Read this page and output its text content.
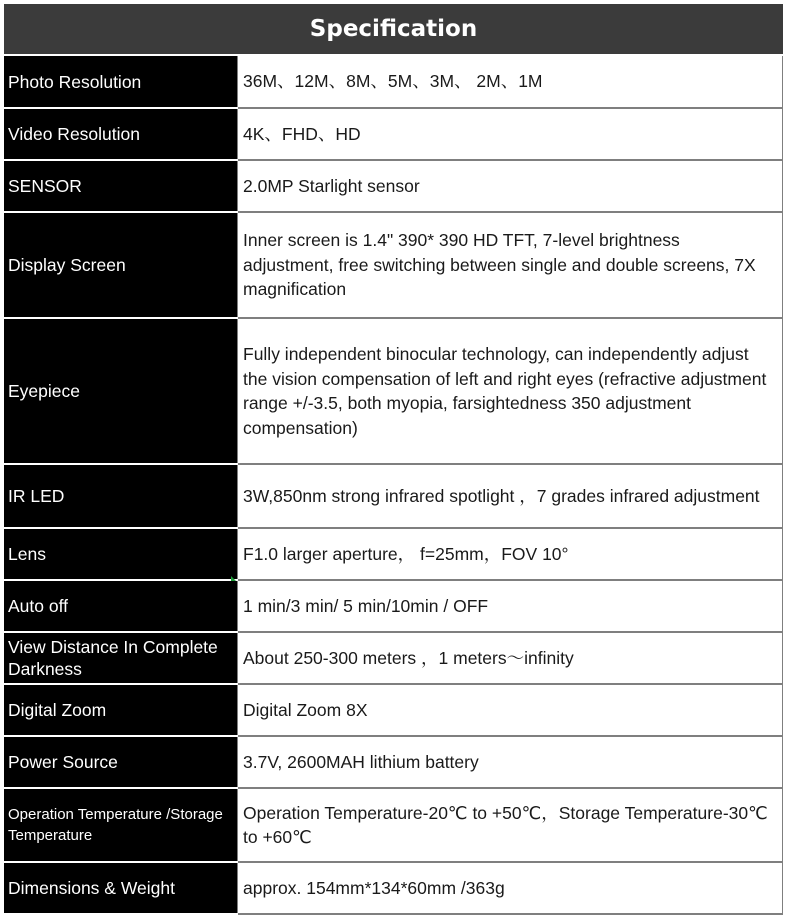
Specification
Photo Resolution	36M、12M、8M、5M、3M、 2M、1M
Video Resolution	4K、FHD、HD
SENSOR	2.0MP Starlight sensor
Display Screen	Inner screen is 1.4" 390* 390 HD TFT, 7-level brightness adjustment, free switching between single and double screens, 7X magnification
Eyepiece	Fully independent binocular technology, can independently adjust the vision compensation of left and right eyes (refractive adjustment range +/-3.5, both myopia, farsightedness 350 adjustment compensation)
IR LED	3W,850nm strong infrared spotlight ，7 grades infrared adjustment
Lens	F1.0 larger aperture， f=25mm，FOV 10°
Auto off	1 min/3 min/ 5 min/10min / OFF
View Distance In Complete Darkness	About 250-300 meters ，1 meters～infinity
Digital Zoom	Digital Zoom 8X
Power Source	3.7V, 2600MAH lithium battery
Operation Temperature /Storage Temperature	Operation Temperature-20℃ to +50℃，Storage Temperature-30℃ to +60℃
Dimensions & Weight	approx. 154mm*134*60mm /363g
